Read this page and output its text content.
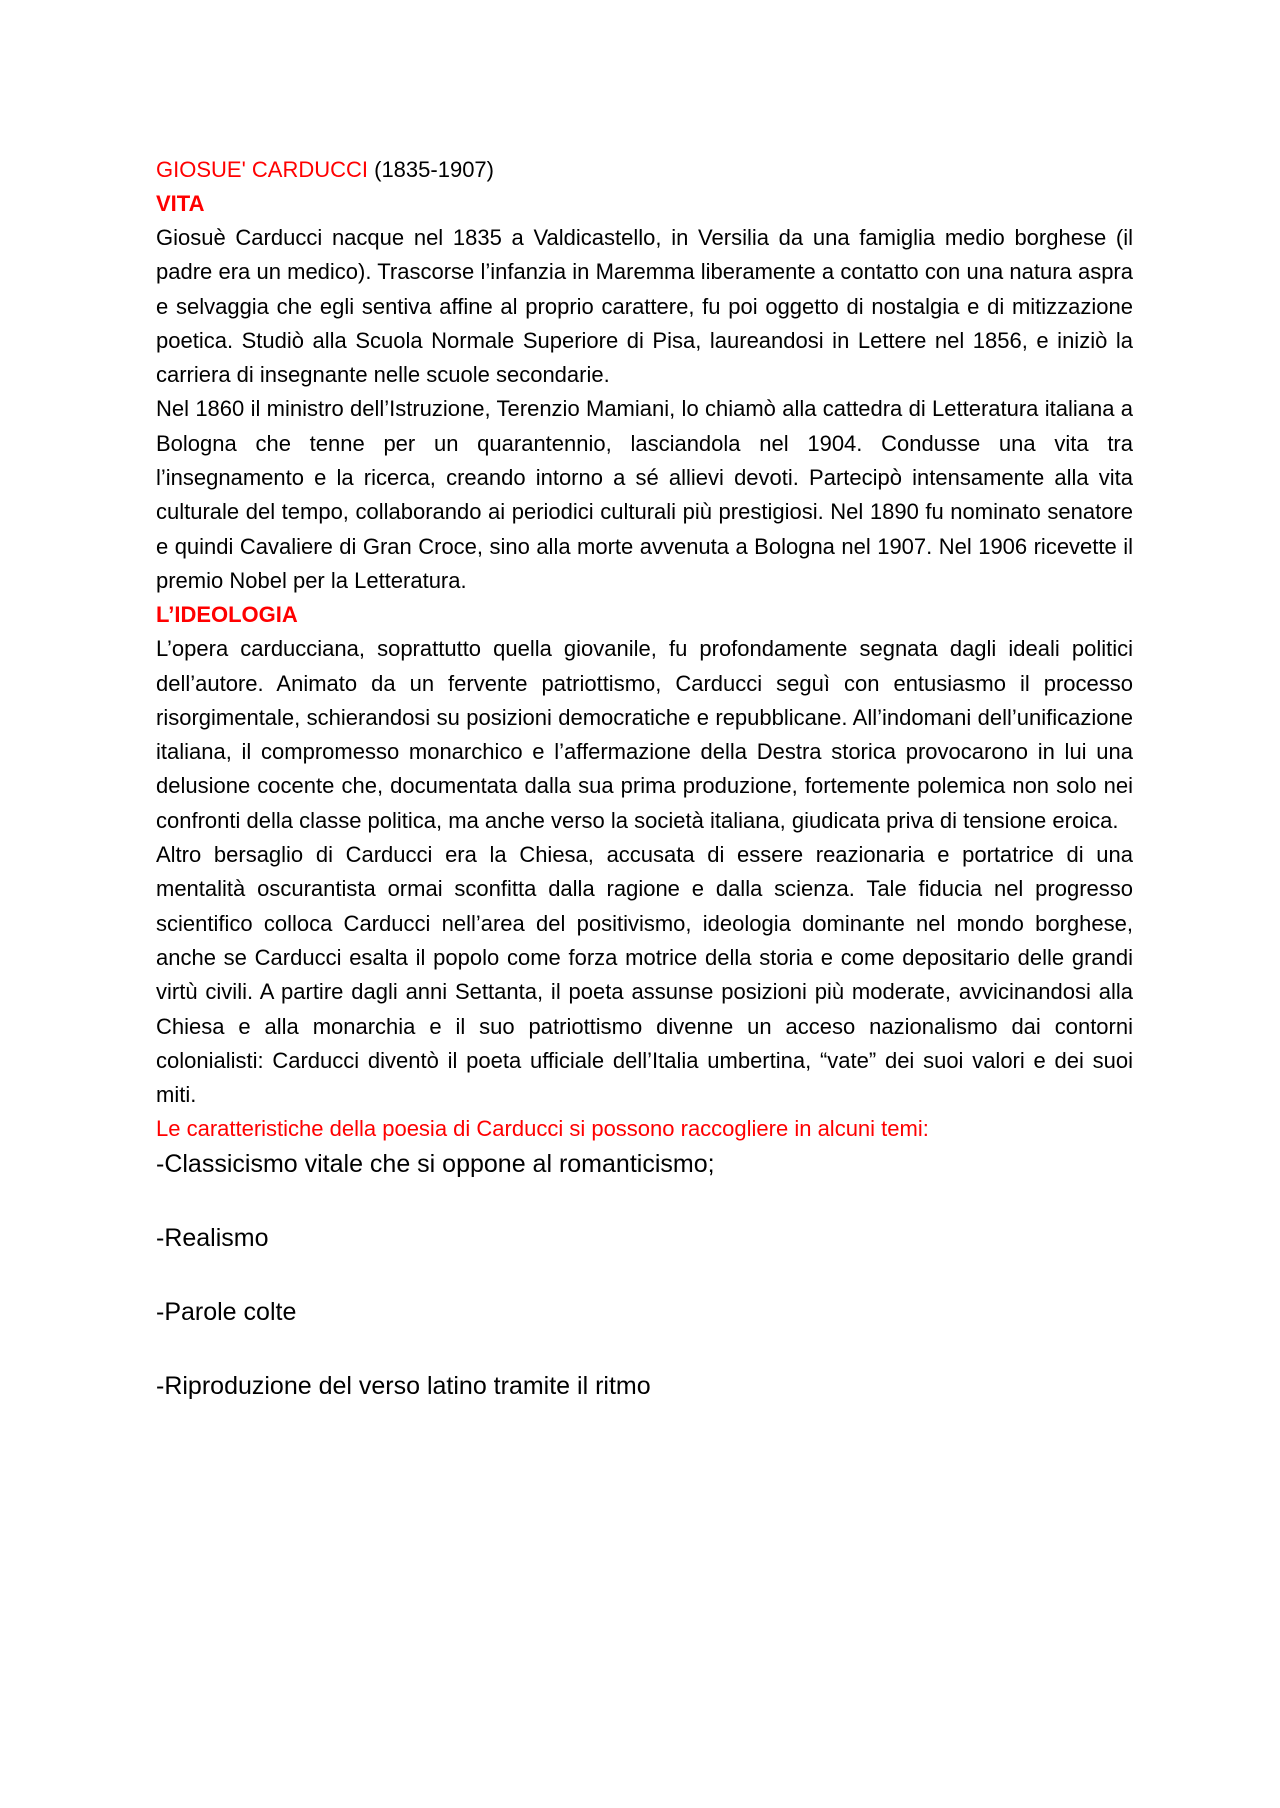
GIOSUE' CARDUCCI (1835-1907)

VITA

Giosuè Carducci nacque nel 1835 a Valdicastello, in Versilia da una famiglia medio borghese (il padre era un medico). Trascorse l’infanzia in Maremma liberamente a contatto con una natura aspra e selvaggia che egli sentiva affine al proprio carattere, fu poi oggetto di nostalgia e di mitizzazione poetica. Studiò alla Scuola Normale Superiore di Pisa, laureandosi in Lettere nel 1856, e iniziò la carriera di insegnante nelle scuole secondarie.

Nel 1860 il ministro dell’Istruzione, Terenzio Mamiani, lo chiamò alla cattedra di Letteratura italiana a Bologna che tenne per un quarantennio, lasciandola nel 1904. Condusse una vita tra l’insegnamento e la ricerca, creando intorno a sé allievi devoti. Partecipò intensamente alla vita culturale del tempo, collaborando ai periodici culturali più prestigiosi. Nel 1890 fu nominato senatore e quindi Cavaliere di Gran Croce, sino alla morte avvenuta a Bologna nel 1907. Nel 1906 ricevette il premio Nobel per la Letteratura.

L’IDEOLOGIA

L’opera carducciana, soprattutto quella giovanile, fu profondamente segnata dagli ideali politici dell’autore. Animato da un fervente patriottismo, Carducci seguì con entusiasmo il processo risorgimentale, schierandosi su posizioni democratiche e repubblicane. All’indomani dell’unificazione italiana, il compromesso monarchico e l’affermazione della Destra storica provocarono in lui una delusione cocente che, documentata dalla sua prima produzione, fortemente polemica non solo nei confronti della classe politica, ma anche verso la società italiana, giudicata priva di tensione eroica.

Altro bersaglio di Carducci era la Chiesa, accusata di essere reazionaria e portatrice di una mentalità oscurantista ormai sconfitta dalla ragione e dalla scienza. Tale fiducia nel progresso scientifico colloca Carducci nell’area del positivismo, ideologia dominante nel mondo borghese, anche se Carducci esalta il popolo come forza motrice della storia e come depositario delle grandi virtù civili. A partire dagli anni Settanta, il poeta assunse posizioni più moderate, avvicinandosi alla Chiesa e alla monarchia e il suo patriottismo divenne un acceso nazionalismo dai contorni colonialisti: Carducci diventò il poeta ufficiale dell’Italia umbertina, “vate” dei suoi valori e dei suoi miti.

Le caratteristiche della poesia di Carducci si possono raccogliere in alcuni temi:

-Classicismo vitale che si oppone al romanticismo;
-Realismo
-Parole colte
-Riproduzione del verso latino tramite il ritmo
